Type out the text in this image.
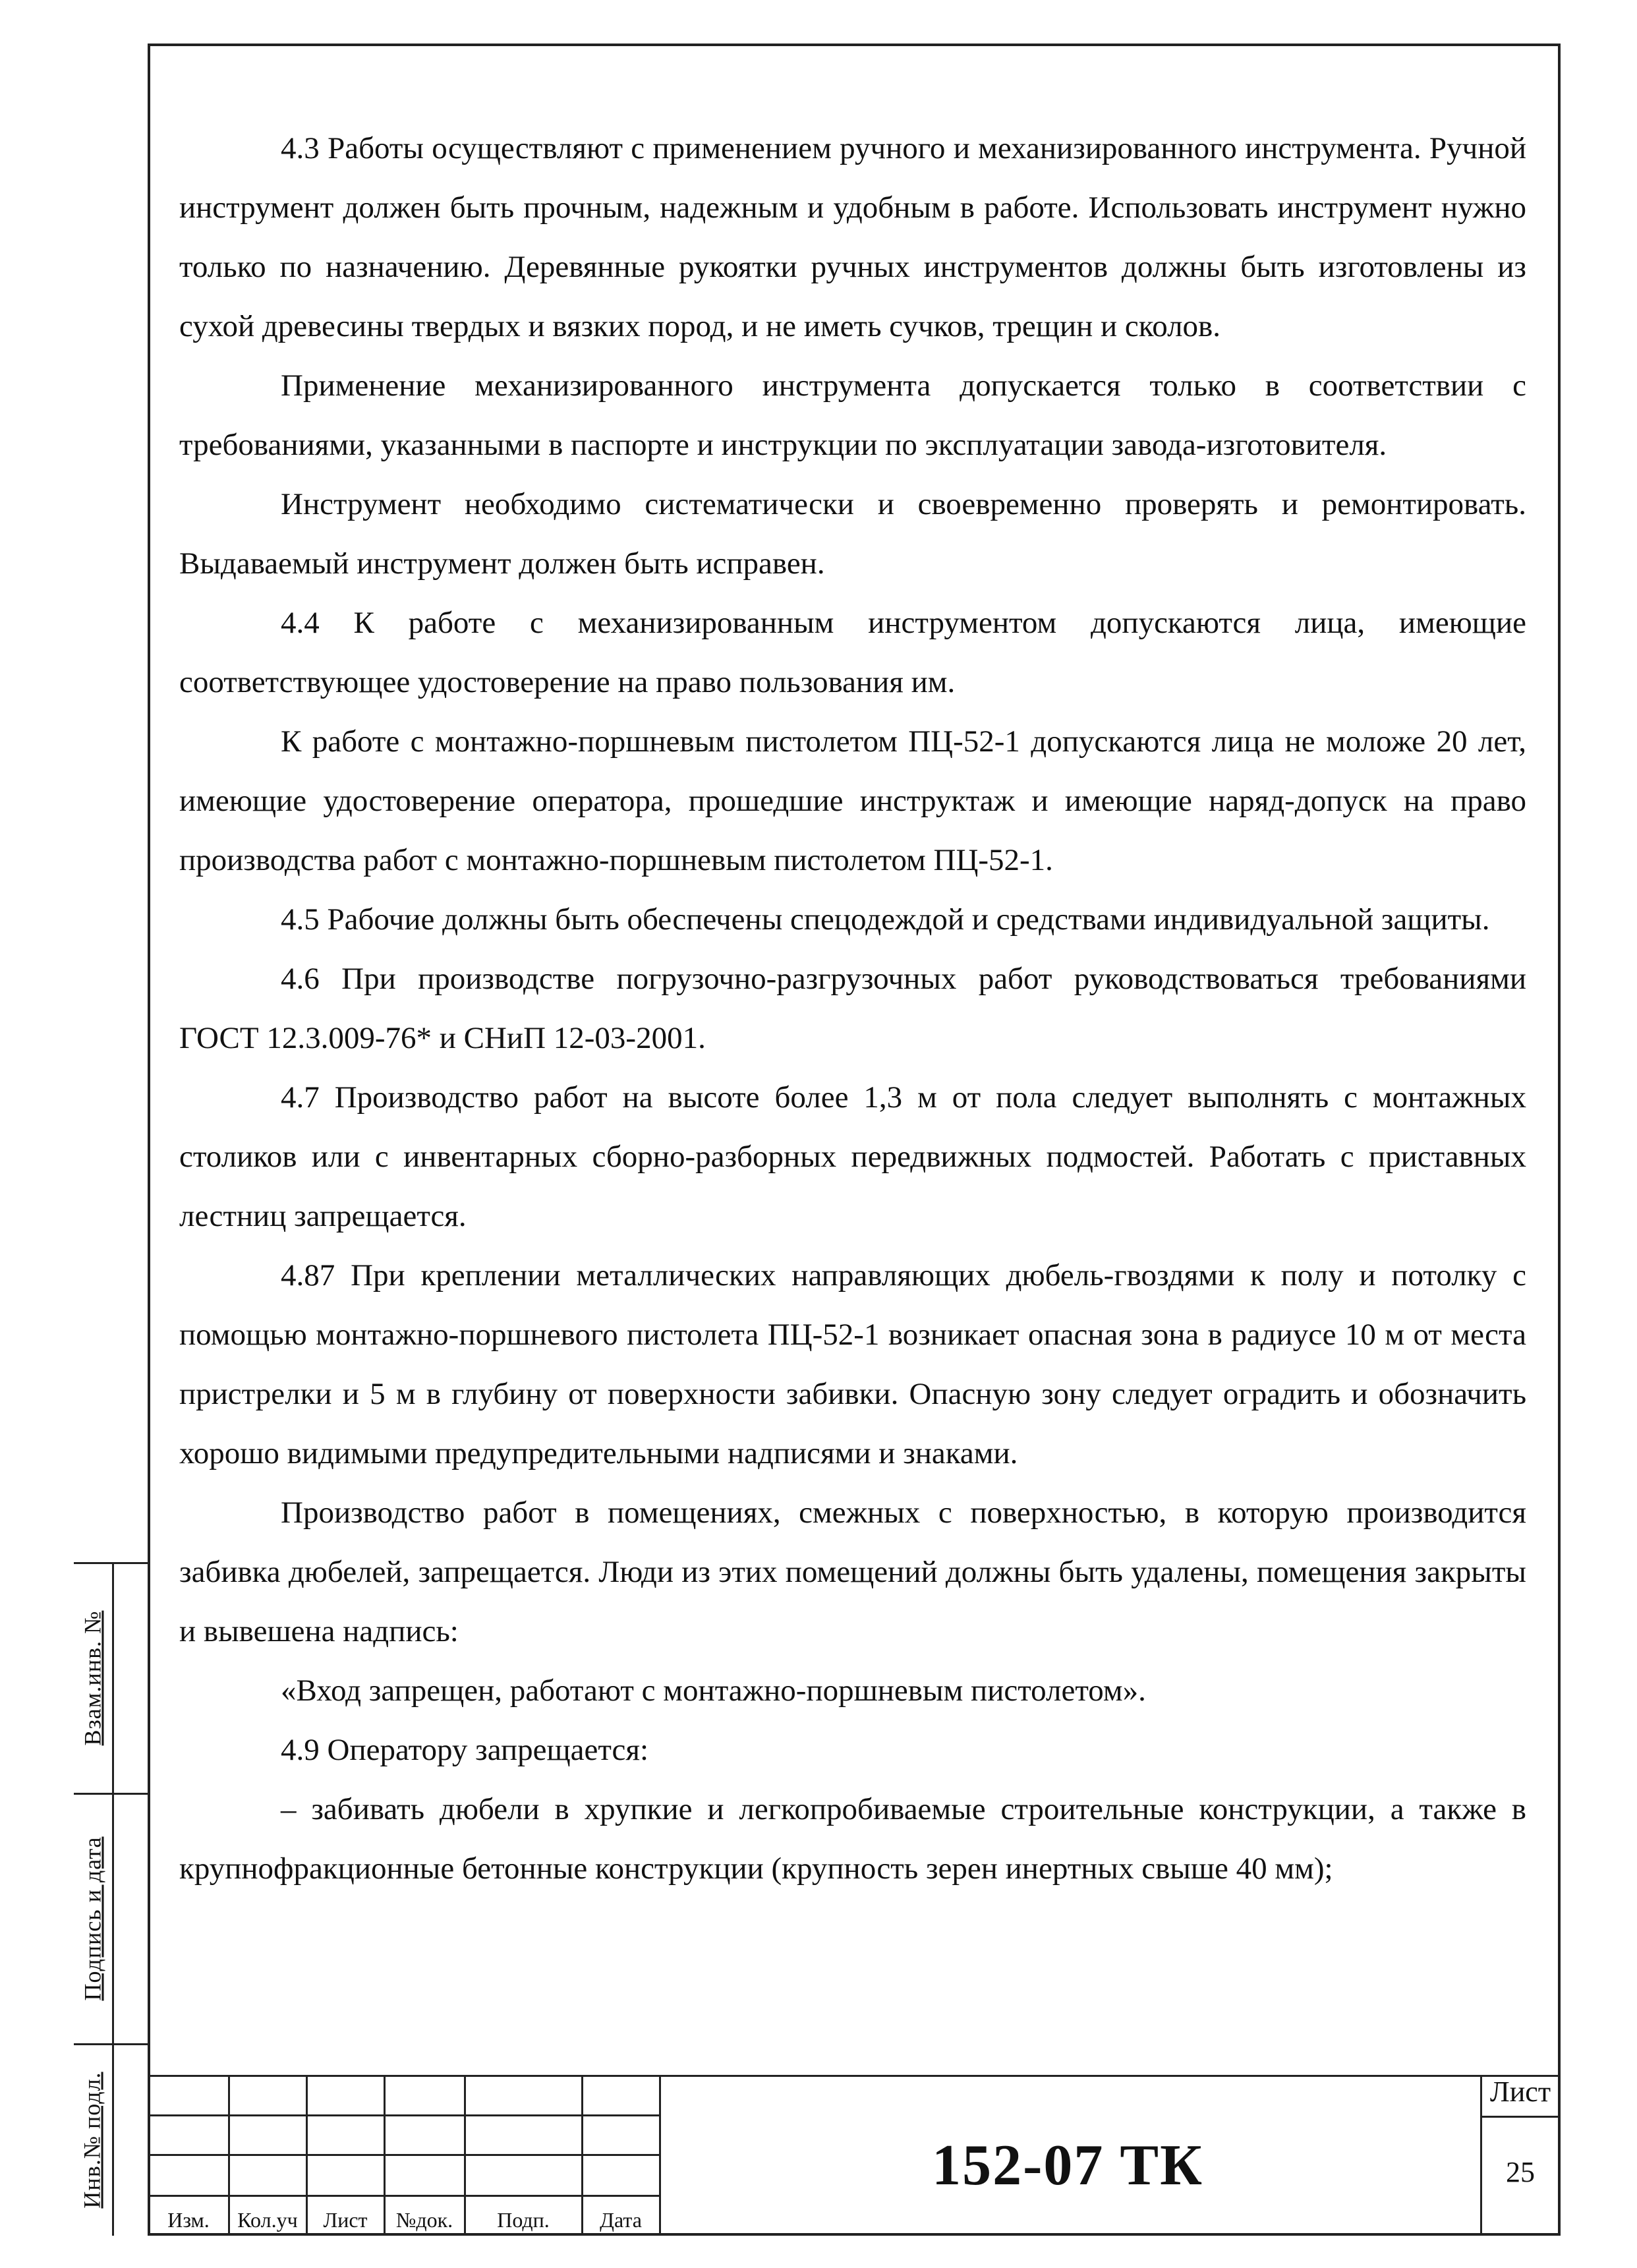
4.3 Работы осуществляют с применением ручного и механизированного инструмента. Ручной инструмент должен быть прочным, надежным и удобным в работе. Использовать инструмент нужно только по назначению. Деревянные рукоятки ручных инструментов должны быть изготовлены из сухой древесины твердых и вязких пород, и не иметь сучков, трещин и сколов.

Применение механизированного инструмента допускается только в соответствии с требованиями, указанными в паспорте и инструкции по эксплуатации завода-изготовителя.

Инструмент необходимо систематически и своевременно проверять и ремонтировать. Выдаваемый инструмент должен быть исправен.

4.4 К работе с механизированным инструментом допускаются лица, имеющие соответствующее удостоверение на право пользования им.

К работе с монтажно-поршневым пистолетом ПЦ-52-1 допускаются лица не моложе 20 лет, имеющие удостоверение оператора, прошедшие инструктаж и имеющие наряд-допуск на право производства работ с монтажно-поршневым пистолетом ПЦ-52-1.

4.5 Рабочие должны быть обеспечены спецодеждой и средствами индивидуальной защиты.

4.6 При производстве погрузочно-разгрузочных работ руководствоваться требованиями ГОСТ 12.3.009-76* и СНиП 12-03-2001.

4.7 Производство работ на высоте более 1,3 м от пола следует выполнять с монтажных столиков или с инвентарных сборно-разборных передвижных подмостей. Работать с приставных лестниц запрещается.

4.87 При креплении металлических направляющих дюбель-гвоздями к полу и потолку с помощью монтажно-поршневого пистолета ПЦ-52-1 возникает опасная зона в радиусе 10 м от места пристрелки и 5 м в глубину от поверхности забивки. Опасную зону следует оградить и обозначить хорошо видимыми предупредительными надписями и знаками.

Производство работ в помещениях, смежных с поверхностью, в которую производится забивка дюбелей, запрещается. Люди из этих помещений должны быть удалены, помещения закрыты и вывешена надпись:

«Вход запрещен, работают с монтажно-поршневым пистолетом».

4.9 Оператору запрещается:

– забивать дюбели в хрупкие и легкопробиваемые строительные конструкции, а также в крупнофракционные бетонные конструкции (крупность зерен инертных свыше 40 мм);

Взам.инв. №
Подпись и дата
Инв.№ подл.
Изм.	Кол.уч	Лист	№док.	Подп.	Дата
152-07 ТК
Лист
25
